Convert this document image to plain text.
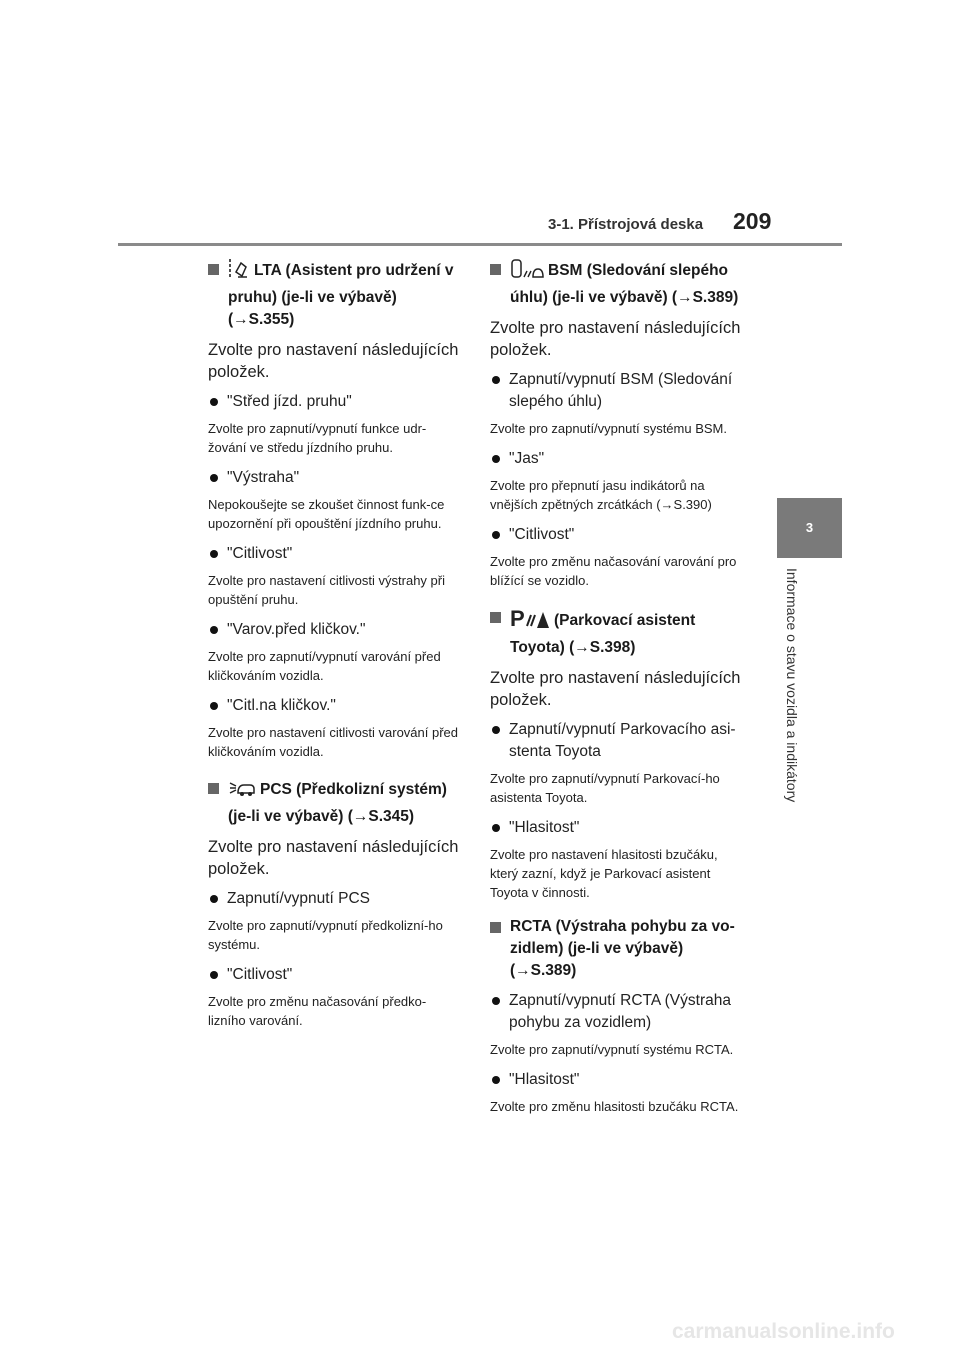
3-1. Přístrojová deska 209
3
Informace o stavu vozidla a indikátory
LTA (Asistent pro udržení v pruhu) (je-li ve výbavě) (→S.355)
Zvolte pro nastavení následujících položek.
"Střed jízd. pruhu"
Zvolte pro zapnutí/vypnutí funkce udr-žování ve středu jízdního pruhu.
"Výstraha"
Nepokoušejte se zkoušet činnost funk-ce upozornění při opouštění jízdního pruhu.
"Citlivost"
Zvolte pro nastavení citlivosti výstrahy při opuštění pruhu.
"Varov.před kličkov."
Zvolte pro zapnutí/vypnutí varování před kličkováním vozidla.
"Citl.na kličkov."
Zvolte pro nastavení citlivosti varování před kličkováním vozidla.
PCS (Předkolizní systém) (je-li ve výbavě) (→S.345)
Zvolte pro nastavení následujících položek.
Zapnutí/vypnutí PCS
Zvolte pro zapnutí/vypnutí předkolizní-ho systému.
"Citlivost"
Zvolte pro změnu načasování předko-lizního varování.
BSM (Sledování slepého úhlu) (je-li ve výbavě) (→S.389)
Zvolte pro nastavení následujících položek.
Zapnutí/vypnutí BSM (Sledování slepého úhlu)
Zvolte pro zapnutí/vypnutí systému BSM.
"Jas"
Zvolte pro přepnutí jasu indikátorů na vnějších zpětných zrcátkách (→S.390)
"Citlivost"
Zvolte pro změnu načasování varování pro blížící se vozidlo.
P (Parkovací asistent Toyota) (→S.398)
Zvolte pro nastavení následujících položek.
Zapnutí/vypnutí Parkovacího asi-stenta Toyota
Zvolte pro zapnutí/vypnutí Parkovací-ho asistenta Toyota.
"Hlasitost"
Zvolte pro nastavení hlasitosti bzučáku, který zazní, když je Parkovací asistent Toyota v činnosti.
RCTA (Výstraha pohybu za vo-zidlem) (je-li ve výbavě) (→S.389)
Zapnutí/vypnutí RCTA (Výstraha pohybu za vozidlem)
Zvolte pro zapnutí/vypnutí systému RCTA.
"Hlasitost"
Zvolte pro změnu hlasitosti bzučáku RCTA.
carmanualsonline.info
